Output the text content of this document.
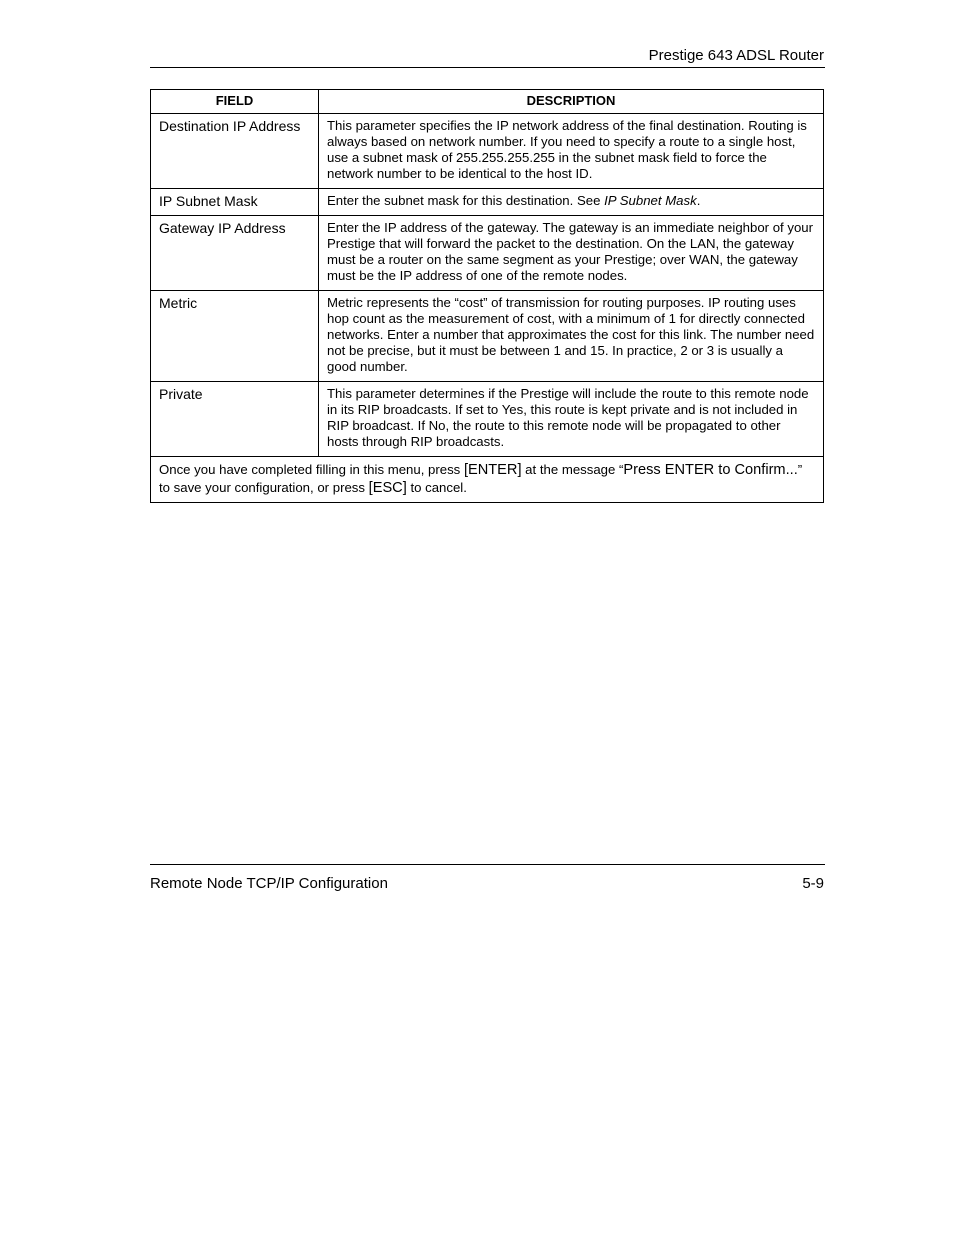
Prestige 643 ADSL Router
FIELD	DESCRIPTION
Destination IP Address	This parameter specifies the IP network address of the final destination. Routing is always based on network number. If you need to specify a route to a single host, use a subnet mask of 255.255.255.255 in the subnet mask field to force the network number to be identical to the host ID.
IP Subnet Mask	Enter the subnet mask for this destination. See IP Subnet Mask.
Gateway IP Address	Enter the IP address of the gateway. The gateway is an immediate neighbor of your Prestige that will forward the packet to the destination. On the LAN, the gateway must be a router on the same segment as your Prestige; over WAN, the gateway must be the IP address of one of the remote nodes.
Metric	Metric represents the “cost” of transmission for routing purposes. IP routing uses hop count as the measurement of cost, with a minimum of 1 for directly connected networks. Enter a number that approximates the cost for this link. The number need not be precise, but it must be between 1 and 15. In practice, 2 or 3 is usually a good number.
Private	This parameter determines if the Prestige will include the route to this remote node in its RIP broadcasts. If set to Yes, this route is kept private and is not included in RIP broadcast. If No, the route to this remote node will be propagated to other hosts through RIP broadcasts.
Once you have completed filling in this menu, press [ENTER] at the message “Press ENTER to Confirm...” to save your configuration, or press [ESC] to cancel.	
Remote Node TCP/IP Configuration	5-9
